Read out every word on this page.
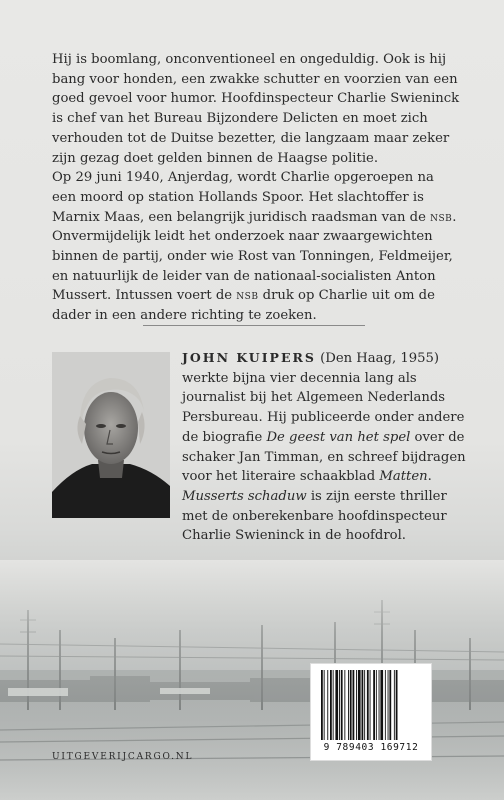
Hij is boomlang, onconventioneel en ongeduldig. Ook is hij bang voor honden, een zwakke schutter en voorzien van een goed gevoel voor humor. Hoofdinspecteur Charlie Swieninck is chef van het Bureau Bijzondere Delicten en moet zich verhouden tot de Duitse bezetter, die langzaam maar zeker zijn gezag doet gelden binnen de Haagse politie.

Op 29 juni 1940, Anjerdag, wordt Charlie opgeroepen na een moord op station Hollands Spoor. Het slachtoffer is Marnix Maas, een belangrijk juridisch raadsman van de nsb. Onvermijdelijk leidt het onderzoek naar zwaargewichten binnen de partij, onder wie Rost van Tonningen, Feldmeijer, en natuurlijk de leider van de nationaal-socialisten Anton Mussert. Intussen voert de nsb druk op Charlie uit om de dader in een andere richting te zoeken.

JOHN KUIPERS (Den Haag, 1955) werkte bijna vier decennia lang als journalist bij het Algemeen Nederlands Persbureau. Hij publiceerde onder andere de biografie De geest van het spel over de schaker Jan Timman, en schreef bijdragen voor het literaire schaakblad Matten. Musserts schaduw is zijn eerste thriller met de onberekenbare hoofdinspecteur Charlie Swieninck in de hoofdrol.

9 789403 169712
UITGEVERIJCARGO.NL
